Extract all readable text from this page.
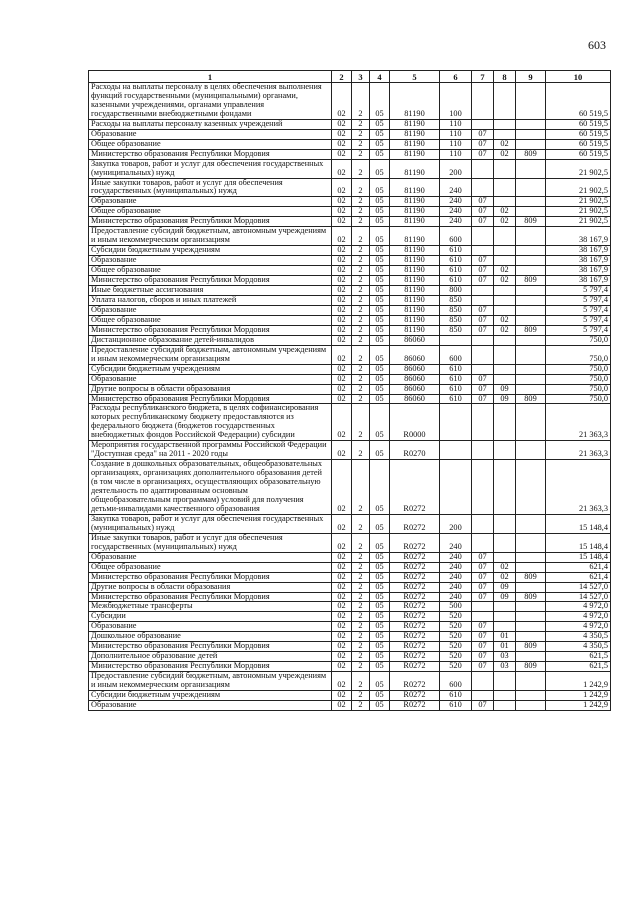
603
1	2	3	4	5	6	7	8	9	10
Расходы на выплаты персоналу в целях обеспечения выполнения функций государственными (муниципальными) органами, казенными учреждениями, органами управления государственными внебюджетными фондами	02	2	05	81190	100				60 519,5
Расходы на выплаты персоналу казенных учреждений	02	2	05	81190	110				60 519,5
Образование	02	2	05	81190	110	07			60 519,5
Общее образование	02	2	05	81190	110	07	02		60 519,5
Министерство образования Республики Мордовия	02	2	05	81190	110	07	02	809	60 519,5
Закупка товаров, работ и услуг для обеспечения государственных (муниципальных) нужд	02	2	05	81190	200				21 902,5
Иные закупки товаров, работ и услуг для обеспечения государственных (муниципальных) нужд	02	2	05	81190	240				21 902,5
Образование	02	2	05	81190	240	07			21 902,5
Общее образование	02	2	05	81190	240	07	02		21 902,5
Министерство образования Республики Мордовия	02	2	05	81190	240	07	02	809	21 902,5
Предоставление субсидий бюджетным, автономным учреждениям и иным некоммерческим организациям	02	2	05	81190	600				38 167,9
Субсидии бюджетным учреждениям	02	2	05	81190	610				38 167,9
Образование	02	2	05	81190	610	07			38 167,9
Общее образование	02	2	05	81190	610	07	02		38 167,9
Министерство образования Республики Мордовия	02	2	05	81190	610	07	02	809	38 167,9
Иные бюджетные ассигнования	02	2	05	81190	800				5 797,4
Уплата налогов, сборов и иных платежей	02	2	05	81190	850				5 797,4
Образование	02	2	05	81190	850	07			5 797,4
Общее образование	02	2	05	81190	850	07	02		5 797,4
Министерство образования Республики Мордовия	02	2	05	81190	850	07	02	809	5 797,4
Дистанционное образование детей-инвалидов	02	2	05	86060					750,0
Предоставление субсидий бюджетным, автономным учреждениям и иным некоммерческим организациям	02	2	05	86060	600				750,0
Субсидии бюджетным учреждениям	02	2	05	86060	610				750,0
Образование	02	2	05	86060	610	07			750,0
Другие вопросы в области образования	02	2	05	86060	610	07	09		750,0
Министерство образования Республики Мордовия	02	2	05	86060	610	07	09	809	750,0
Расходы республиканского бюджета, в целях софинансирования которых республиканскому бюджету предоставляются из федерального бюджета (бюджетов государственных внебюджетных фондов Российской Федерации) субсидии	02	2	05	R0000					21 363,3
Мероприятия государственной программы Российской Федерации "Доступная среда" на 2011 - 2020 годы	02	2	05	R0270					21 363,3
Создание в дошкольных образовательных, общеобразовательных организациях, организациях дополнительного образования детей (в том числе в организациях, осуществляющих образовательную деятельность по адаптированным основным общеобразовательным программам) условий для получения детьми-инвалидами качественного образования	02	2	05	R0272					21 363,3
Закупка товаров, работ и услуг для обеспечения государственных (муниципальных) нужд	02	2	05	R0272	200				15 148,4
Иные закупки товаров, работ и услуг для обеспечения государственных (муниципальных) нужд	02	2	05	R0272	240				15 148,4
Образование	02	2	05	R0272	240	07			15 148,4
Общее образование	02	2	05	R0272	240	07	02		621,4
Министерство образования Республики Мордовия	02	2	05	R0272	240	07	02	809	621,4
Другие вопросы в области образования	02	2	05	R0272	240	07	09		14 527,0
Министерство образования Республики Мордовия	02	2	05	R0272	240	07	09	809	14 527,0
Межбюджетные трансферты	02	2	05	R0272	500				4 972,0
Субсидии	02	2	05	R0272	520				4 972,0
Образование	02	2	05	R0272	520	07			4 972,0
Дошкольное образование	02	2	05	R0272	520	07	01		4 350,5
Министерство образования Республики Мордовия	02	2	05	R0272	520	07	01	809	4 350,5
Дополнительное образование детей	02	2	05	R0272	520	07	03		621,5
Министерство образования Республики Мордовия	02	2	05	R0272	520	07	03	809	621,5
Предоставление субсидий бюджетным, автономным учреждениям и иным некоммерческим организациям	02	2	05	R0272	600				1 242,9
Субсидии бюджетным учреждениям	02	2	05	R0272	610				1 242,9
Образование	02	2	05	R0272	610	07			1 242,9
